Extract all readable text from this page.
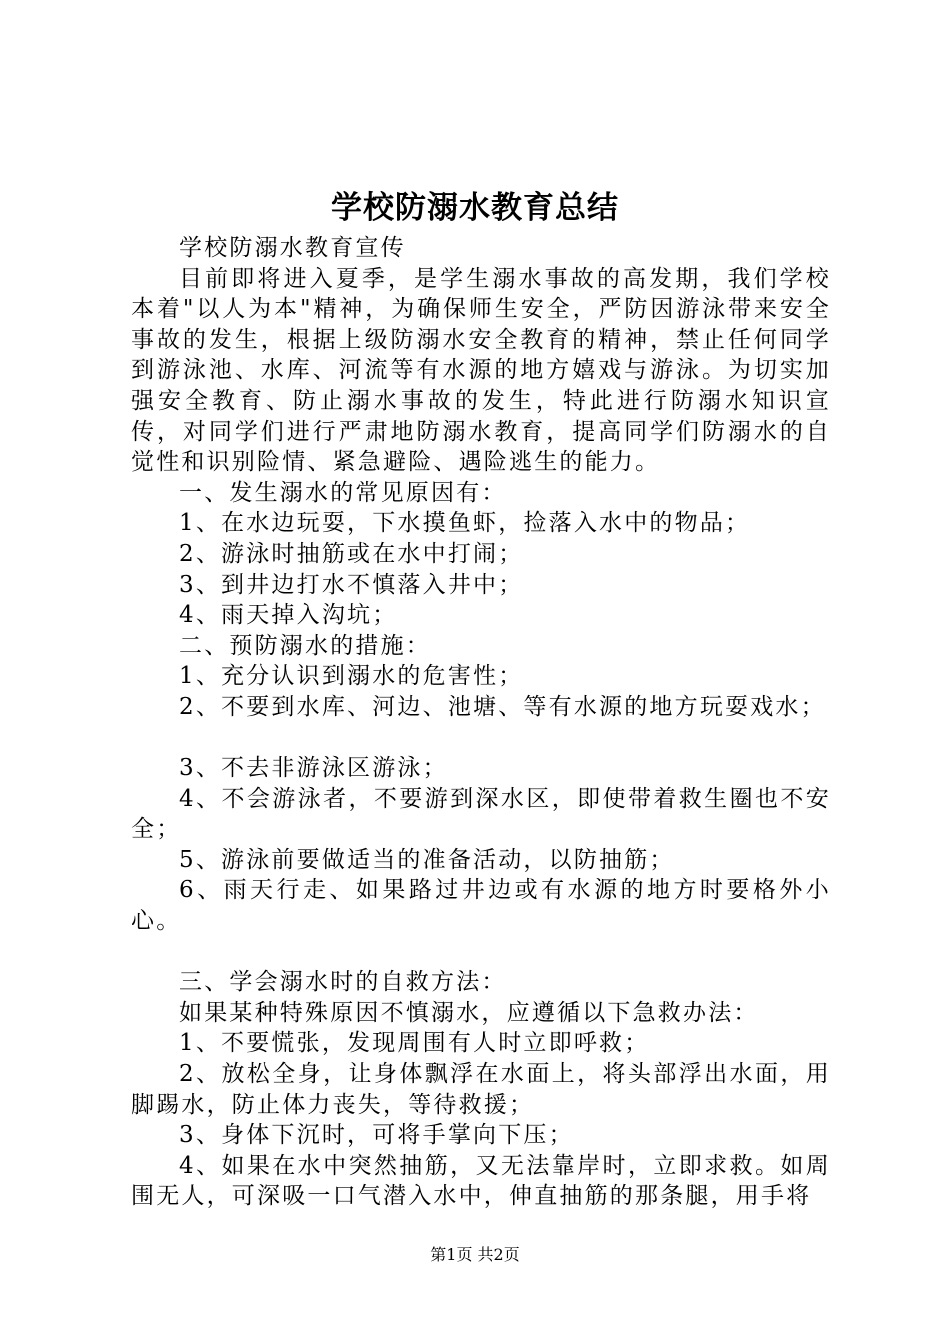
学校防溺水教育总结

学校防溺水教育宣传

目前即将进入夏季，是学生溺水事故的高发期，我们学校本着"以人为本"精神，为确保师生安全，严防因游泳带来安全事故的发生，根据上级防溺水安全教育的精神，禁止任何同学到游泳池、水库、河流等有水源的地方嬉戏与游泳。为切实加强安全教育、防止溺水事故的发生，特此进行防溺水知识宣传，对同学们进行严肃地防溺水教育，提高同学们防溺水的自觉性和识别险情、紧急避险、遇险逃生的能力。

一、发生溺水的常见原因有：

1、在水边玩耍，下水摸鱼虾，捡落入水中的物品；

2、游泳时抽筋或在水中打闹；

3、到井边打水不慎落入井中；

4、雨天掉入沟坑；

二、预防溺水的措施：

1、充分认识到溺水的危害性；

2、不要到水库、河边、池塘、等有水源的地方玩耍戏水；

3、不去非游泳区游泳；

4、不会游泳者，不要游到深水区，即使带着救生圈也不安全；

5、游泳前要做适当的准备活动，以防抽筋；

6、雨天行走、如果路过井边或有水源的地方时要格外小心。

三、学会溺水时的自救方法：

如果某种特殊原因不慎溺水，应遵循以下急救办法：

1、不要慌张，发现周围有人时立即呼救；

2、放松全身，让身体飘浮在水面上，将头部浮出水面，用脚踢水，防止体力丧失，等待救援；

3、身体下沉时，可将手掌向下压；

4、如果在水中突然抽筋，又无法靠岸时，立即求救。如周围无人，可深吸一口气潜入水中，伸直抽筋的那条腿，用手将

第1页 共2页
